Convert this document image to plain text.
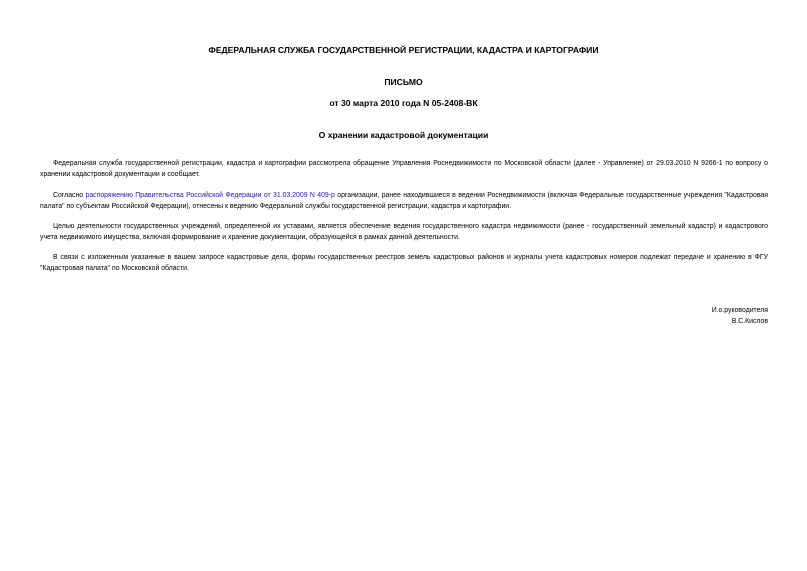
ФЕДЕРАЛЬНАЯ СЛУЖБА ГОСУДАРСТВЕННОЙ РЕГИСТРАЦИИ, КАДАСТРА И КАРТОГРАФИИ
ПИСЬМО
от 30 марта 2010 года N 05-2408-ВК
О хранении кадастровой документации
Федеральная служба государственной регистрации, кадастра и картографии рассмотрела обращение Управления Роснедвижимости по Московской области (далее - Управление) от 29.03.2010 N 9266-1 по вопросу о хранении кадастровой документации и сообщает.
Согласно распоряжению Правительства Российской Федерации от 31.03.2009 N 409-р организации, ранее находившиеся в ведении Роснедвижимости (включая Федеральные государственные учреждения "Кадастровая палата" по субъектам Российской Федерации), отнесены к ведению Федеральной службы государственной регистрации, кадастра и картографии.
Целью деятельности государственных учреждений, определенной их уставами, является обеспечение ведения государственного кадастра недвижимости (ранее - государственный земельный кадастр) и кадастрового учета недвижимого имущества, включая формирование и хранение документации, образующейся в рамках данной деятельности.
В связи с изложенным указанные в вашем запросе кадастровые дела, формы государственных реестров земель кадастровых районов и журналы учета кадастровых номеров подлежат передаче и хранению в ФГУ "Кадастровая палата" по Московской области.
И.о.руководителя
В.С.Кислов
